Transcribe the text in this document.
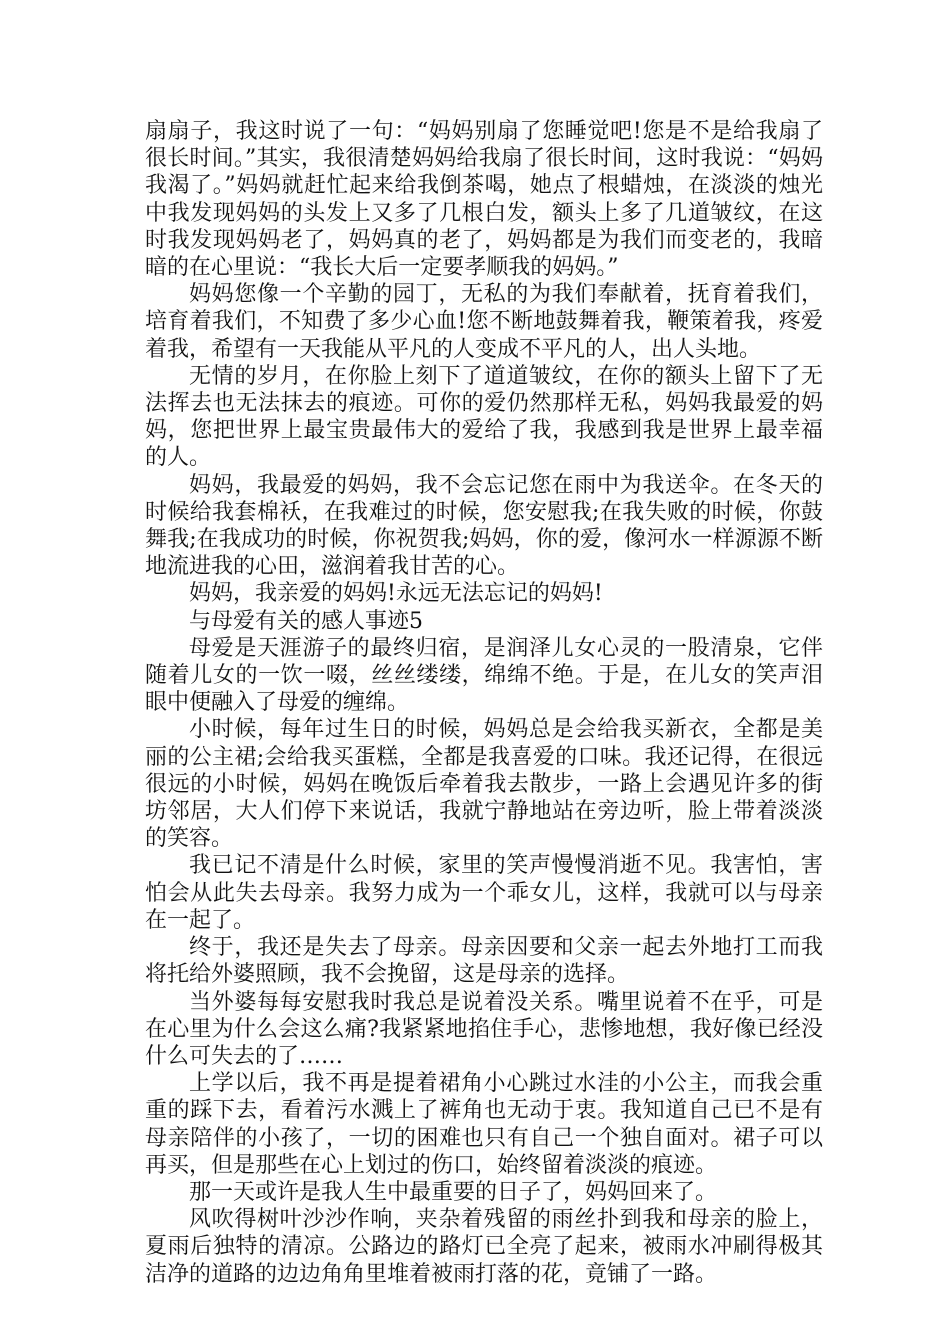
扇扇子，我这时说了一句：“妈妈别扇了您睡觉吧!您是不是给我扇了很长时间。”其实，我很清楚妈妈给我扇了很长时间，这时我说：“妈妈我渴了。”妈妈就赶忙起来给我倒茶喝，她点了根蜡烛，在淡淡的烛光中我发现妈妈的头发上又多了几根白发，额头上多了几道皱纹，在这时我发现妈妈老了，妈妈真的老了，妈妈都是为我们而变老的，我暗暗的在心里说：“我长大后一定要孝顺我的妈妈。”

妈妈您像一个辛勤的园丁，无私的为我们奉献着，抚育着我们，培育着我们，不知费了多少心血!您不断地鼓舞着我，鞭策着我，疼爱着我，希望有一天我能从平凡的人变成不平凡的人，出人头地。

无情的岁月，在你脸上刻下了道道皱纹，在你的额头上留下了无法挥去也无法抹去的痕迹。可你的爱仍然那样无私，妈妈我最爱的妈妈，您把世界上最宝贵最伟大的爱给了我，我感到我是世界上最幸福的人。

妈妈，我最爱的妈妈，我不会忘记您在雨中为我送伞。在冬天的时候给我套棉袄，在我难过的时候，您安慰我;在我失败的时候，你鼓舞我;在我成功的时候，你祝贺我;妈妈，你的爱，像河水一样源源不断地流进我的心田，滋润着我甘苦的心。

妈妈，我亲爱的妈妈!永远无法忘记的妈妈!

与母爱有关的感人事迹5

母爱是天涯游子的最终归宿，是润泽儿女心灵的一股清泉，它伴随着儿女的一饮一啜，丝丝缕缕，绵绵不绝。于是，在儿女的笑声泪眼中便融入了母爱的缠绵。

小时候，每年过生日的时候，妈妈总是会给我买新衣，全都是美丽的公主裙;会给我买蛋糕，全都是我喜爱的口味。我还记得，在很远很远的小时候，妈妈在晚饭后牵着我去散步，一路上会遇见许多的街坊邻居，大人们停下来说话，我就宁静地站在旁边听，脸上带着淡淡的笑容。

我已记不清是什么时候，家里的笑声慢慢消逝不见。我害怕，害怕会从此失去母亲。我努力成为一个乖女儿，这样，我就可以与母亲在一起了。

终于，我还是失去了母亲。母亲因要和父亲一起去外地打工而我将托给外婆照顾，我不会挽留，这是母亲的选择。

当外婆每每安慰我时我总是说着没关系。嘴里说着不在乎，可是在心里为什么会这么痛?我紧紧地掐住手心，悲惨地想，我好像已经没什么可失去的了……

上学以后，我不再是提着裙角小心跳过水洼的小公主，而我会重重的踩下去，看着污水溅上了裤角也无动于衷。我知道自己已不是有母亲陪伴的小孩了，一切的困难也只有自己一个独自面对。裙子可以再买，但是那些在心上划过的伤口，始终留着淡淡的痕迹。

那一天或许是我人生中最重要的日子了，妈妈回来了。

风吹得树叶沙沙作响，夹杂着残留的雨丝扑到我和母亲的脸上，夏雨后独特的清凉。公路边的路灯已全亮了起来，被雨水冲刷得极其洁净的道路的边边角角里堆着被雨打落的花，竟铺了一路。
